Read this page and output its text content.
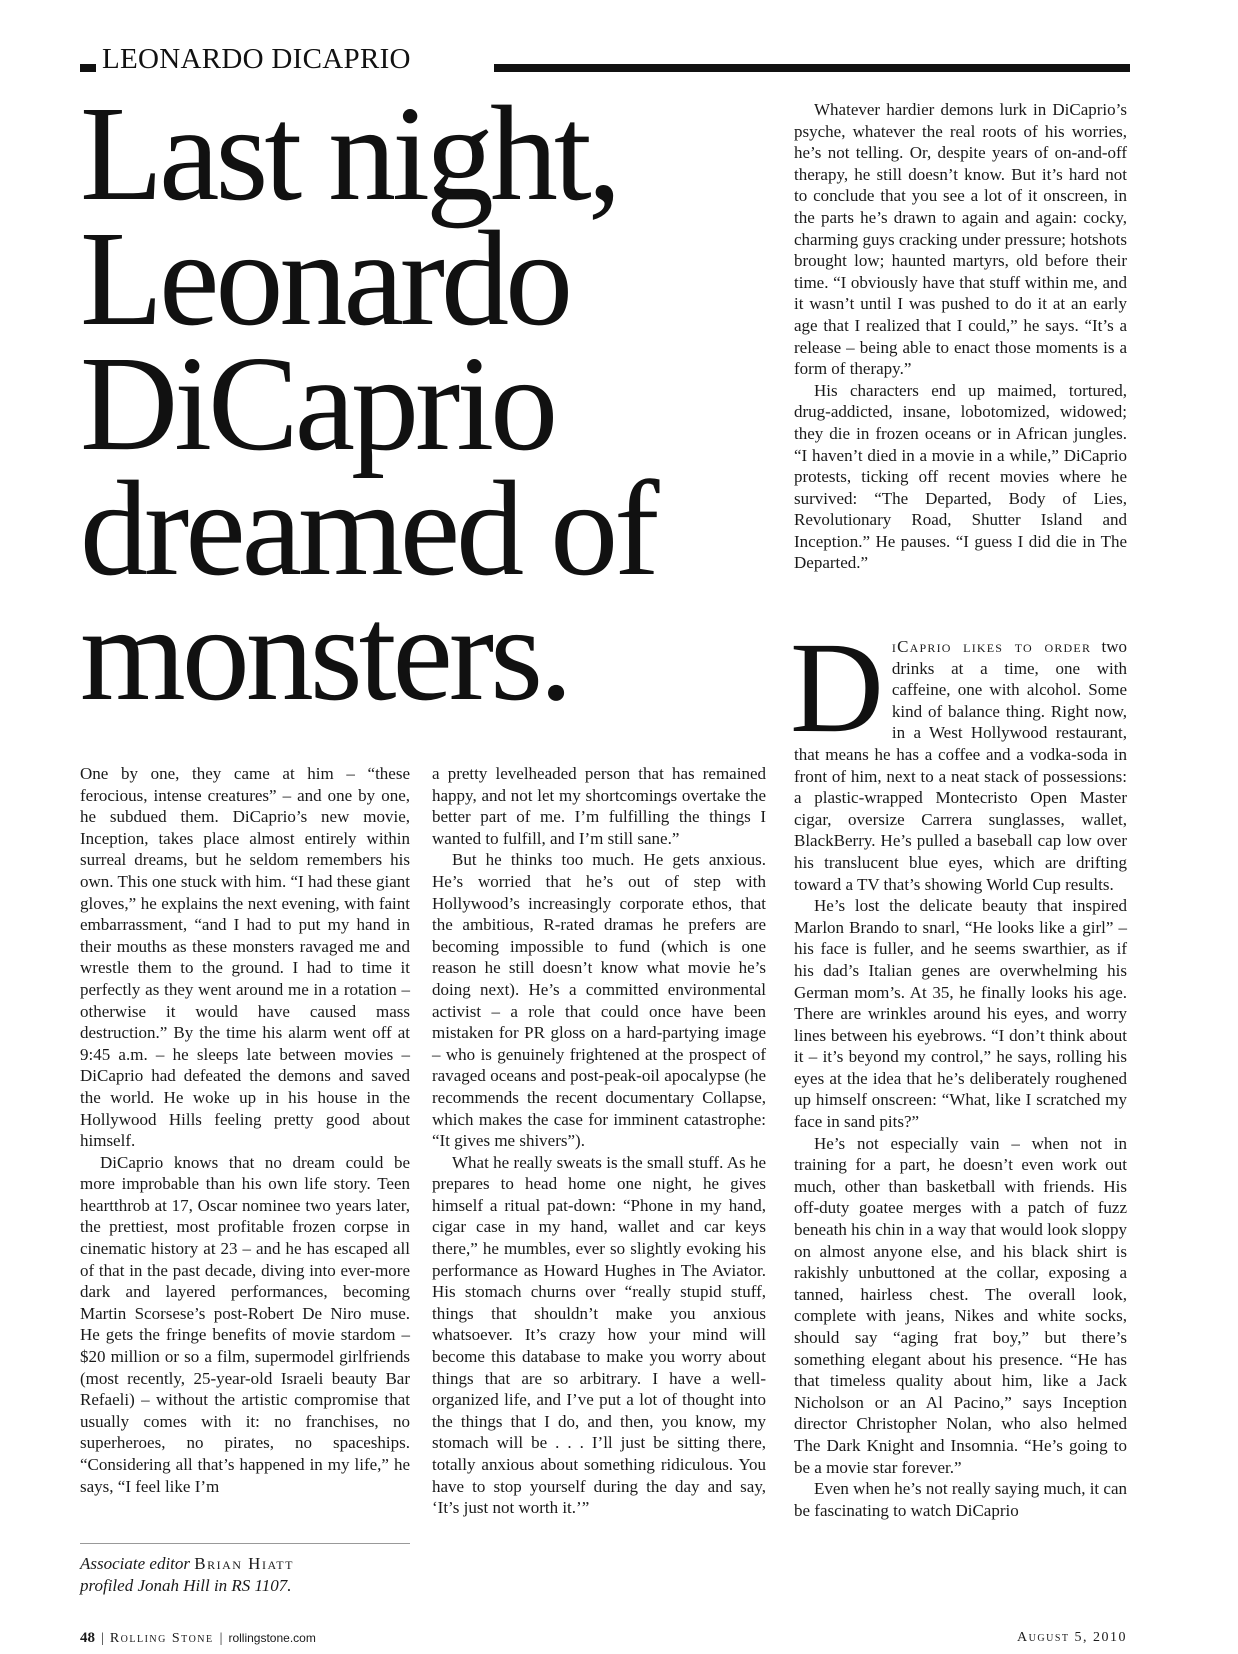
LEONARDO DICAPRIO
Last night, Leonardo DiCaprio dreamed of monsters.

One by one, they came at him – “these ferocious, intense creatures” – and one by one, he subdued them. DiCaprio’s new movie, Inception, takes place almost entirely within surreal dreams, but he seldom remembers his own. This one stuck with him. “I had these giant gloves,” he explains the next evening, with faint embarrassment, “and I had to put my hand in their mouths as these monsters ravaged me and wrestle them to the ground. I had to time it perfectly as they went around me in a rotation – otherwise it would have caused mass destruction.” By the time his alarm went off at 9:45 a.m. – he sleeps late between movies – DiCaprio had defeated the demons and saved the world. He woke up in his house in the Hollywood Hills feeling pretty good about himself.

DiCaprio knows that no dream could be more improbable than his own life story. Teen heartthrob at 17, Oscar nominee two years later, the prettiest, most profitable frozen corpse in cinematic history at 23 – and he has escaped all of that in the past decade, diving into ever-more dark and layered performances, becoming Martin Scorsese’s post-Robert De Niro muse. He gets the fringe benefits of movie stardom – $20 million or so a film, supermodel girlfriends (most recently, 25-year-old Israeli beauty Bar Refaeli) – without the artistic compromise that usually comes with it: no franchises, no superheroes, no pirates, no spaceships. “Considering all that’s happened in my life,” he says, “I feel like I’m

a pretty levelheaded person that has remained happy, and not let my shortcomings overtake the better part of me. I’m fulfilling the things I wanted to fulfill, and I’m still sane.”

But he thinks too much. He gets anxious. He’s worried that he’s out of step with Hollywood’s increasingly corporate ethos, that the ambitious, R-rated dramas he prefers are becoming impossible to fund (which is one reason he still doesn’t know what movie he’s doing next). He’s a committed environmental activist – a role that could once have been mistaken for PR gloss on a hard-partying image – who is genuinely frightened at the prospect of ravaged oceans and post-peak-oil apocalypse (he recommends the recent documentary Collapse, which makes the case for imminent catastrophe: “It gives me shivers”).

What he really sweats is the small stuff. As he prepares to head home one night, he gives himself a ritual pat-down: “Phone in my hand, cigar case in my hand, wallet and car keys there,” he mumbles, ever so slightly evoking his performance as Howard Hughes in The Aviator. His stomach churns over “really stupid stuff, things that shouldn’t make you anxious whatsoever. It’s crazy how your mind will become this database to make you worry about things that are so arbitrary. I have a well-organized life, and I’ve put a lot of thought into the things that I do, and then, you know, my stomach will be . . . I’ll just be sitting there, totally anxious about something ridiculous. You have to stop yourself during the day and say, ‘It’s just not worth it.’”

Whatever hardier demons lurk in DiCaprio’s psyche, whatever the real roots of his worries, he’s not telling. Or, despite years of on-and-off therapy, he still doesn’t know. But it’s hard not to conclude that you see a lot of it onscreen, in the parts he’s drawn to again and again: cocky, charming guys cracking under pressure; hotshots brought low; haunted martyrs, old before their time. “I obviously have that stuff within me, and it wasn’t until I was pushed to do it at an early age that I realized that I could,” he says. “It’s a release – being able to enact those moments is a form of therapy.”

His characters end up maimed, tortured, drug-addicted, insane, lobotomized, widowed; they die in frozen oceans or in African jungles. “I haven’t died in a movie in a while,” DiCaprio protests, ticking off recent movies where he survived: “The Departed, Body of Lies, Revolutionary Road, Shutter Island and Inception.” He pauses. “I guess I did die in The Departed.”

DiCaprio likes to order two drinks at a time, one with caffeine, one with alcohol. Some kind of balance thing. Right now, in a West Hollywood restaurant, that means he has a coffee and a vodka-soda in front of him, next to a neat stack of possessions: a plastic-wrapped Montecristo Open Master cigar, oversize Carrera sunglasses, wallet, BlackBerry. He’s pulled a baseball cap low over his translucent blue eyes, which are drifting toward a TV that’s showing World Cup results.

He’s lost the delicate beauty that inspired Marlon Brando to snarl, “He looks like a girl” – his face is fuller, and he seems swarthier, as if his dad’s Italian genes are overwhelming his German mom’s. At 35, he finally looks his age. There are wrinkles around his eyes, and worry lines between his eyebrows. “I don’t think about it – it’s beyond my control,” he says, rolling his eyes at the idea that he’s deliberately roughened up himself onscreen: “What, like I scratched my face in sand pits?”

He’s not especially vain – when not in training for a part, he doesn’t even work out much, other than basketball with friends. His off-duty goatee merges with a patch of fuzz beneath his chin in a way that would look sloppy on almost anyone else, and his black shirt is rakishly unbuttoned at the collar, exposing a tanned, hairless chest. The overall look, complete with jeans, Nikes and white socks, should say “aging frat boy,” but there’s something elegant about his presence. “He has that timeless quality about him, like a Jack Nicholson or an Al Pacino,” says Inception director Christopher Nolan, who also helmed The Dark Knight and Insomnia. “He’s going to be a movie star forever.”

Even when he’s not really saying much, it can be fascinating to watch DiCaprio

Associate editor Brian Hiatt
profiled Jonah Hill in RS 1107.
48 | Rolling Stone | rollingstone.com	August 5, 2010
